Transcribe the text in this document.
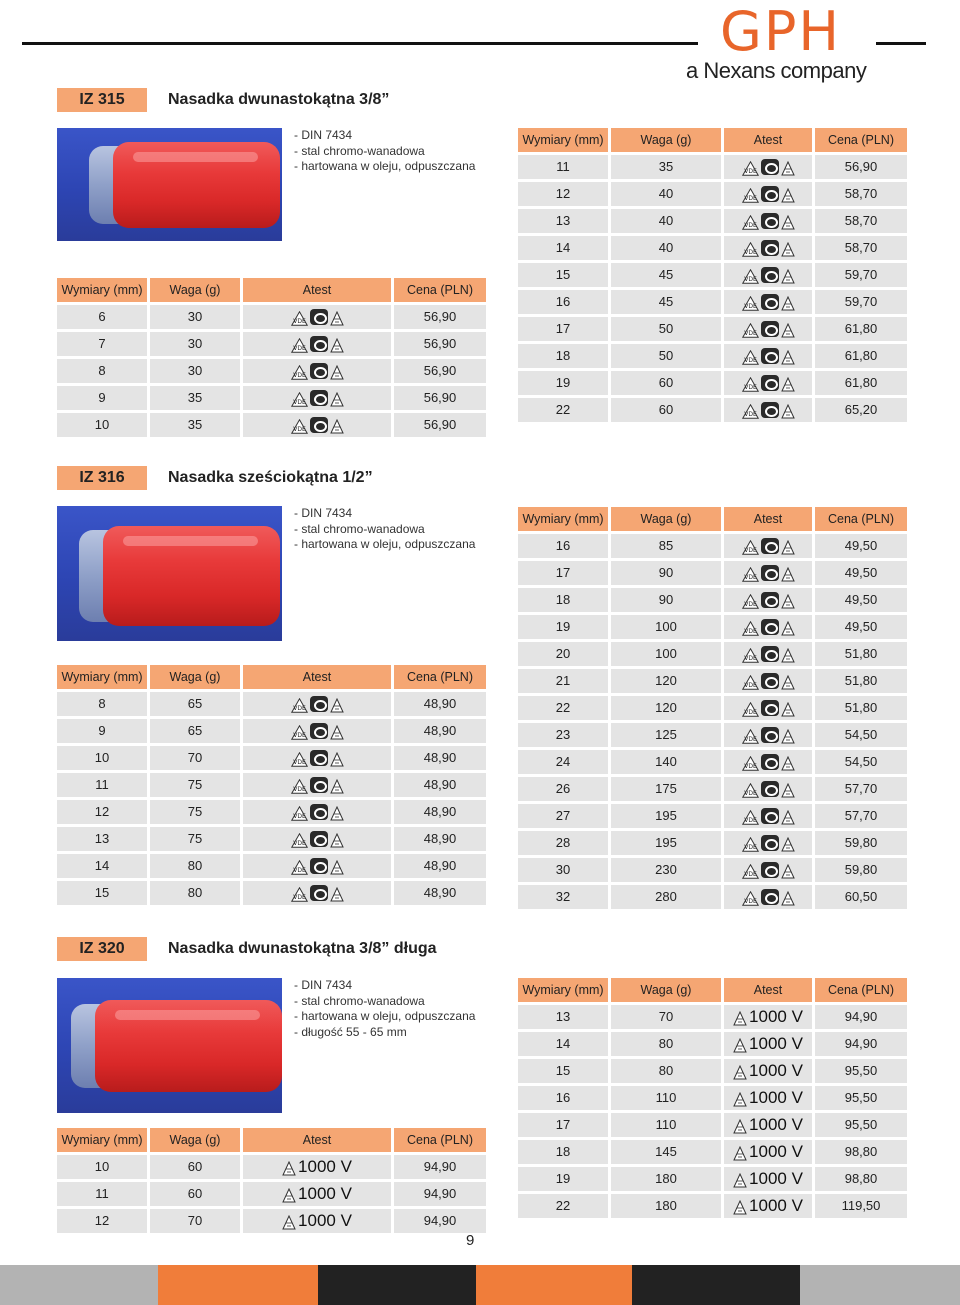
GPH
a Nexans company
IZ 315	Nasadka dwunastokątna 3/8”
- DIN 7434
- stal chromo-wanadowa
- hartowana w oleju, odpuszczana
Wymiary (mm)	Waga (g)	Atest	Cena (PLN)
6	30	VDE	56,90
7	30	VDE	56,90
8	30	VDE	56,90
9	35	VDE	56,90
10	35	VDE	56,90
Wymiary (mm)	Waga (g)	Atest	Cena (PLN)
11	35	VDE	56,90
12	40	VDE	58,70
13	40	VDE	58,70
14	40	VDE	58,70
15	45	VDE	59,70
16	45	VDE	59,70
17	50	VDE	61,80
18	50	VDE	61,80
19	60	VDE	61,80
22	60	VDE	65,20
IZ 316	Nasadka sześciokątna 1/2”
- DIN 7434
- stal chromo-wanadowa
- hartowana w oleju, odpuszczana
Wymiary (mm)	Waga (g)	Atest	Cena (PLN)
8	65	VDE	48,90
9	65	VDE	48,90
10	70	VDE	48,90
11	75	VDE	48,90
12	75	VDE	48,90
13	75	VDE	48,90
14	80	VDE	48,90
15	80	VDE	48,90
Wymiary (mm)	Waga (g)	Atest	Cena (PLN)
16	85	VDE	49,50
17	90	VDE	49,50
18	90	VDE	49,50
19	100	VDE	49,50
20	100	VDE	51,80
21	120	VDE	51,80
22	120	VDE	51,80
23	125	VDE	54,50
24	140	VDE	54,50
26	175	VDE	57,70
27	195	VDE	57,70
28	195	VDE	59,80
30	230	VDE	59,80
32	280	VDE	60,50
IZ 320	Nasadka dwunastokątna 3/8” długa
- DIN 7434
- stal chromo-wanadowa
- hartowana w oleju, odpuszczana
- długość 55 - 65 mm
Wymiary (mm)	Waga (g)	Atest	Cena (PLN)
10	60	1000 V	94,90
11	60	1000 V	94,90
12	70	1000 V	94,90
Wymiary (mm)	Waga (g)	Atest	Cena (PLN)
13	70	1000 V	94,90
14	80	1000 V	94,90
15	80	1000 V	95,50
16	110	1000 V	95,50
17	110	1000 V	95,50
18	145	1000 V	98,80
19	180	1000 V	98,80
22	180	1000 V	119,50
9
